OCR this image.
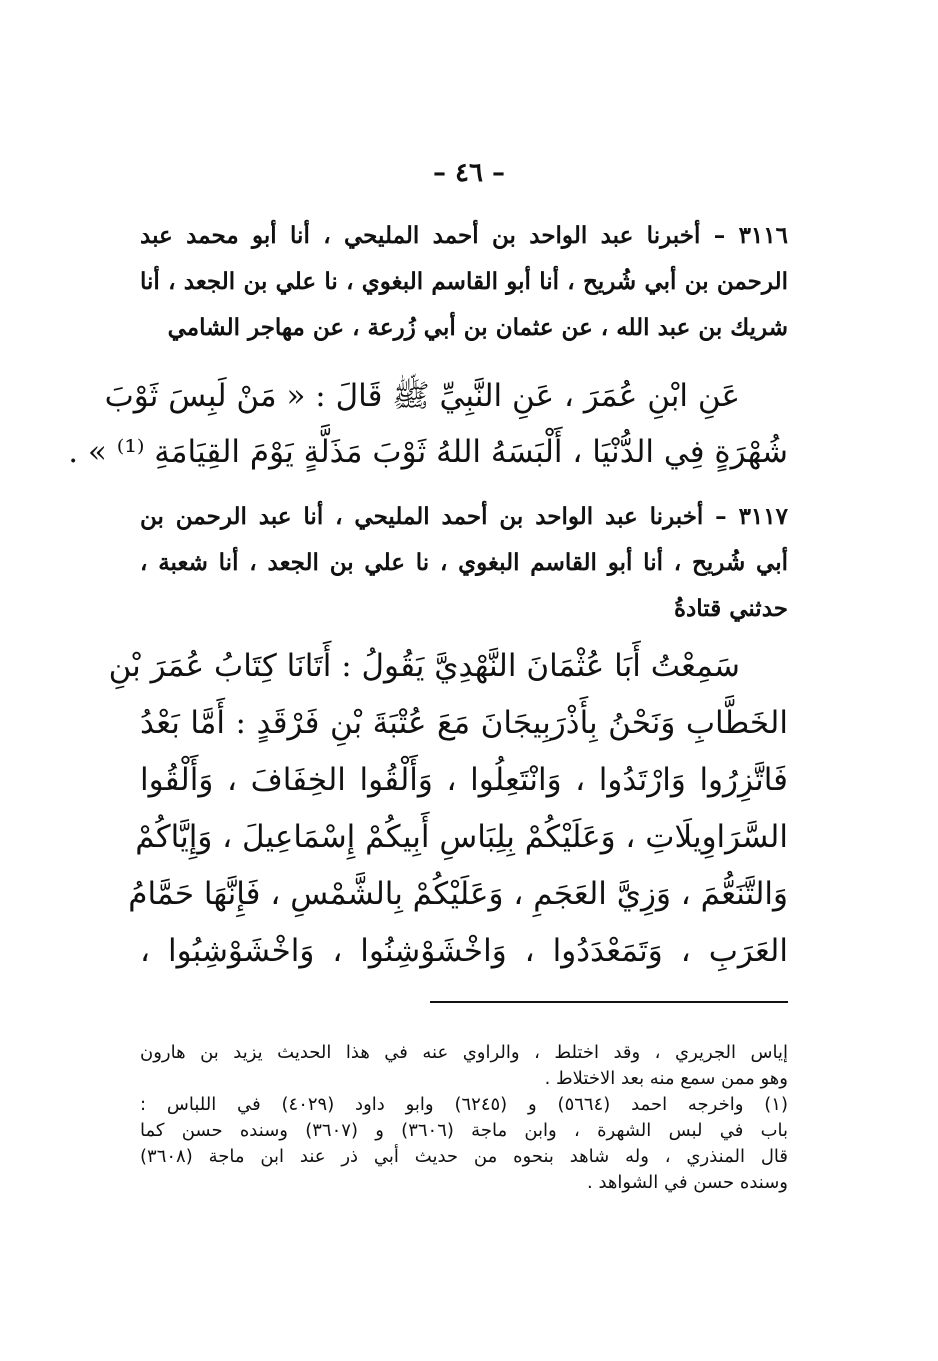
– ٤٦ –
٣١١٦ – أخبرنا عبد الواحد بن أحمد المليحي ، أنا أبو محمد عبد
الرحمن بن أبي شُريح ، أنا أبو القاسم البغوي ، نا علي بن الجعد ، أنا
شريك بن عبد الله ، عن عثمان بن أبي زُرعة ، عن مهاجر الشامي
عَنِ ابْنِ عُمَرَ ، عَنِ النَّبِيِّ ﷺ قَالَ : « مَنْ لَبِسَ ثَوْبَ
شُهْرَةٍ فِي الدُّنْيَا ، أَلْبَسَهُ اللهُ ثَوْبَ مَذَلَّةٍ يَوْمَ القِيَامَةِ ⁽¹⁾ » .
٣١١٧ – أخبرنا عبد الواحد بن أحمد المليحي ، أنا عبد الرحمن بن
أبي شُريح ، أنا أبو القاسم البغوي ، نا علي بن الجعد ، أنا شعبة ،
حدثني قتادةُ
سَمِعْتُ أَبَا عُثْمَانَ النَّهْدِيَّ يَقُولُ : أَتَانَا كِتَابُ عُمَرَ بْنِ
الخَطَّابِ وَنَحْنُ بِأَذْرَبِيجَانَ مَعَ عُتْبَةَ بْنِ فَرْقَدٍ : أَمَّا بَعْدُ
فَاتَّزِرُوا وَارْتَدُوا ، وَانْتَعِلُوا ، وَأَلْقُوا الخِفَافَ ، وَأَلْقُوا
السَّرَاوِيلَاتِ ، وَعَلَيْكُمْ بِلِبَاسِ أَبِيكُمْ إِسْمَاعِيلَ ، وَإِيَّاكُمْ
وَالتَّنَعُّمَ ، وَزِيَّ العَجَمِ ، وَعَلَيْكُمْ بِالشَّمْسِ ، فَإِنَّهَا حَمَّامُ
العَرَبِ ، وَتَمَعْدَدُوا ، وَاخْشَوْشِنُوا ، وَاخْشَوْشِبُوا ،
إياس الجريري ، وقد اختلط ، والراوي عنه في هذا الحديث يزيد بن هارون
وهو ممن سمع منه بعد الاختلاط .
(١) واخرجه احمد (٥٦٦٤) و (٦٢٤٥) وابو داود (٤٠٢٩) في اللباس :
باب في لبس الشهرة ، وابن ماجة (٣٦٠٦) و (٣٦٠٧) وسنده حسن كما
قال المنذري ، وله شاهد بنحوه من حديث أبي ذر عند ابن ماجة (٣٦٠٨)
وسنده حسن في الشواهد .
